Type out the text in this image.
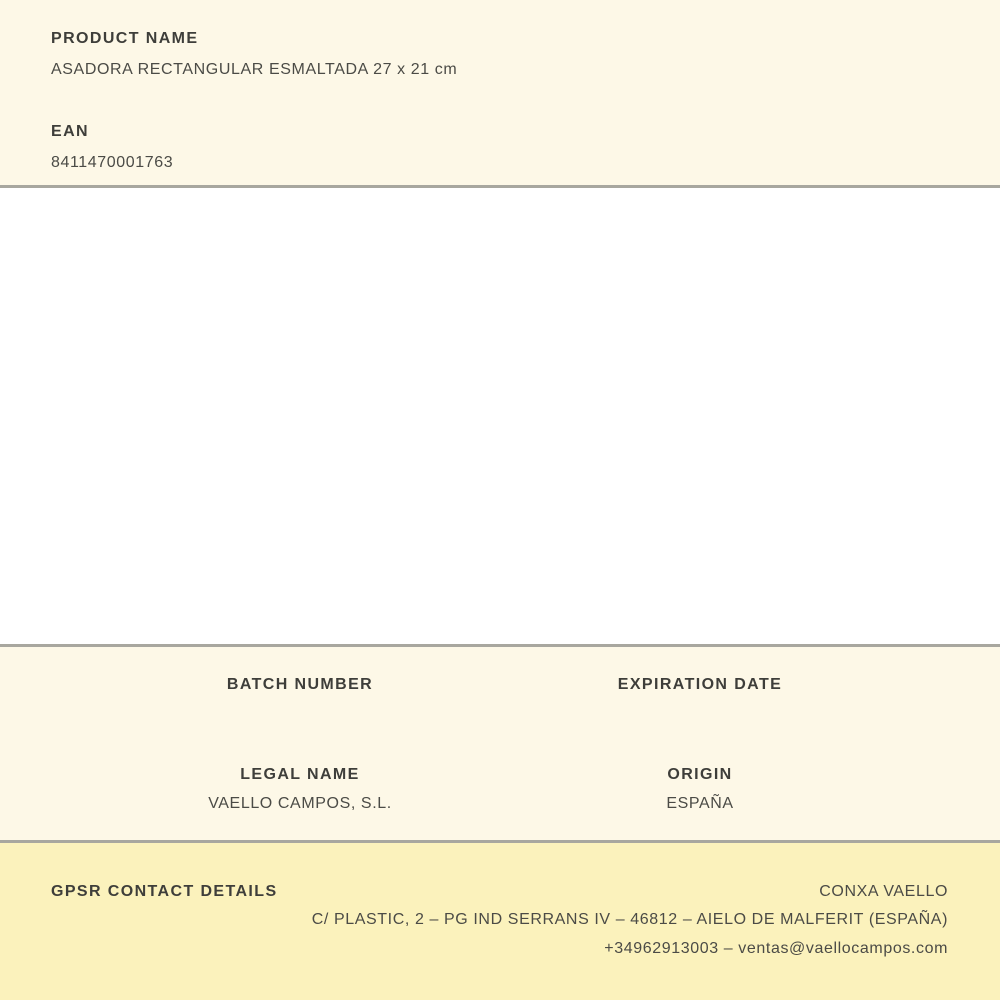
PRODUCT NAME
ASADORA RECTANGULAR ESMALTADA 27 x 21 cm
EAN
8411470001763
BATCH NUMBER	EXPIRATION DATE
LEGAL NAME
VAELLO CAMPOS, S.L.
ORIGIN
ESPAÑA
GPSR CONTACT DETAILS	CONXA VAELLO
C/ PLASTIC, 2 – PG IND SERRANS IV – 46812 – AIELO DE MALFERIT (ESPAÑA)
+34962913003 – ventas@vaellocampos.com
